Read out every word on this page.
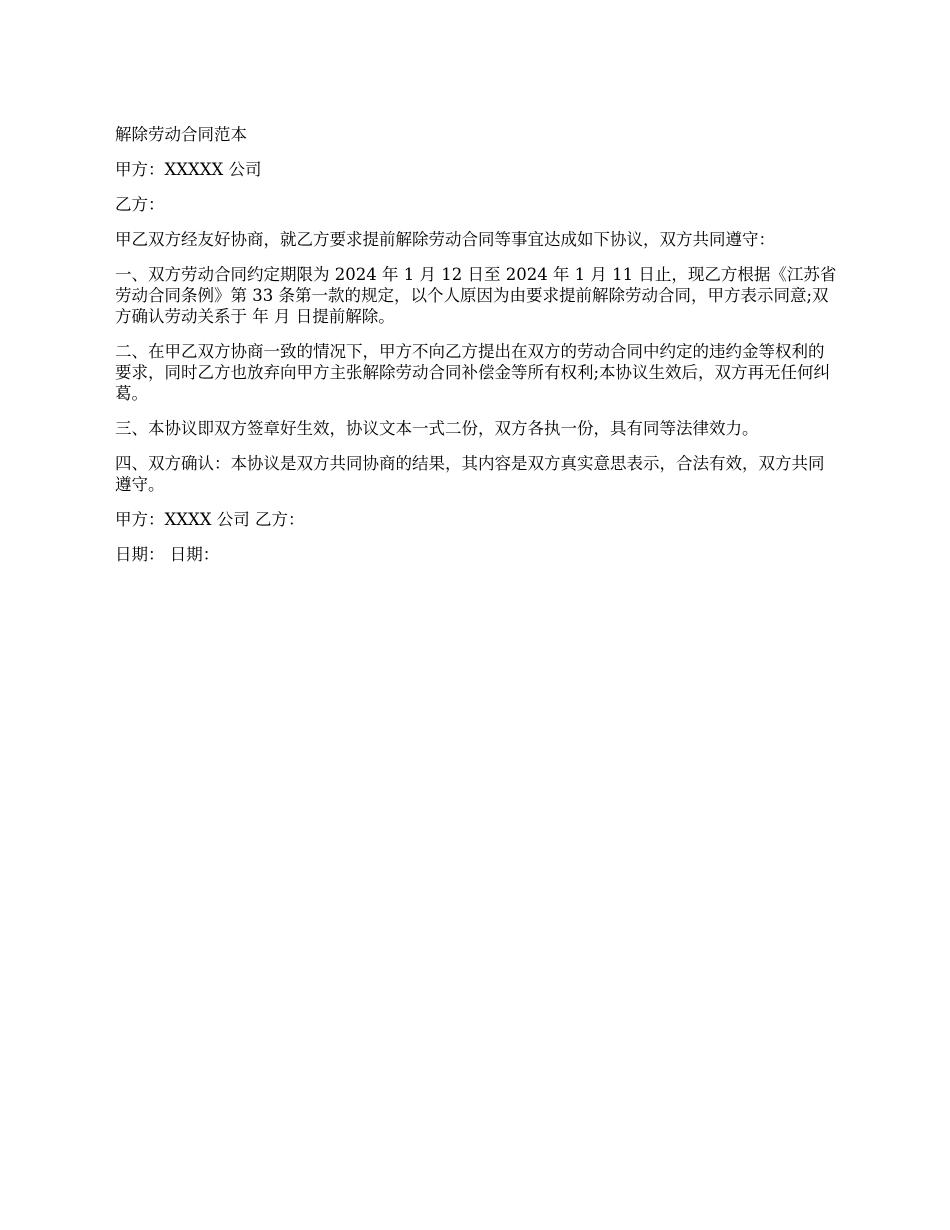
解除劳动合同范本

甲方：XXXXX 公司

乙方：

甲乙双方经友好协商，就乙方要求提前解除劳动合同等事宜达成如下协议，双方共同遵守：

一、双方劳动合同约定期限为 2024 年 1 月 12 日至 2024 年 1 月 11 日止，现乙方根据《江苏省劳动合同条例》第 33 条第一款的规定，以个人原因为由要求提前解除劳动合同，甲方表示同意;双方确认劳动关系于 年 月 日提前解除。

二、在甲乙双方协商一致的情况下，甲方不向乙方提出在双方的劳动合同中约定的违约金等权利的要求，同时乙方也放弃向甲方主张解除劳动合同补偿金等所有权利;本协议生效后，双方再无任何纠葛。

三、本协议即双方签章好生效，协议文本一式二份，双方各执一份，具有同等法律效力。

四、双方确认：本协议是双方共同协商的结果，其内容是双方真实意思表示，合法有效，双方共同遵守。

甲方：XXXX 公司 乙方：

日期： 日期：
